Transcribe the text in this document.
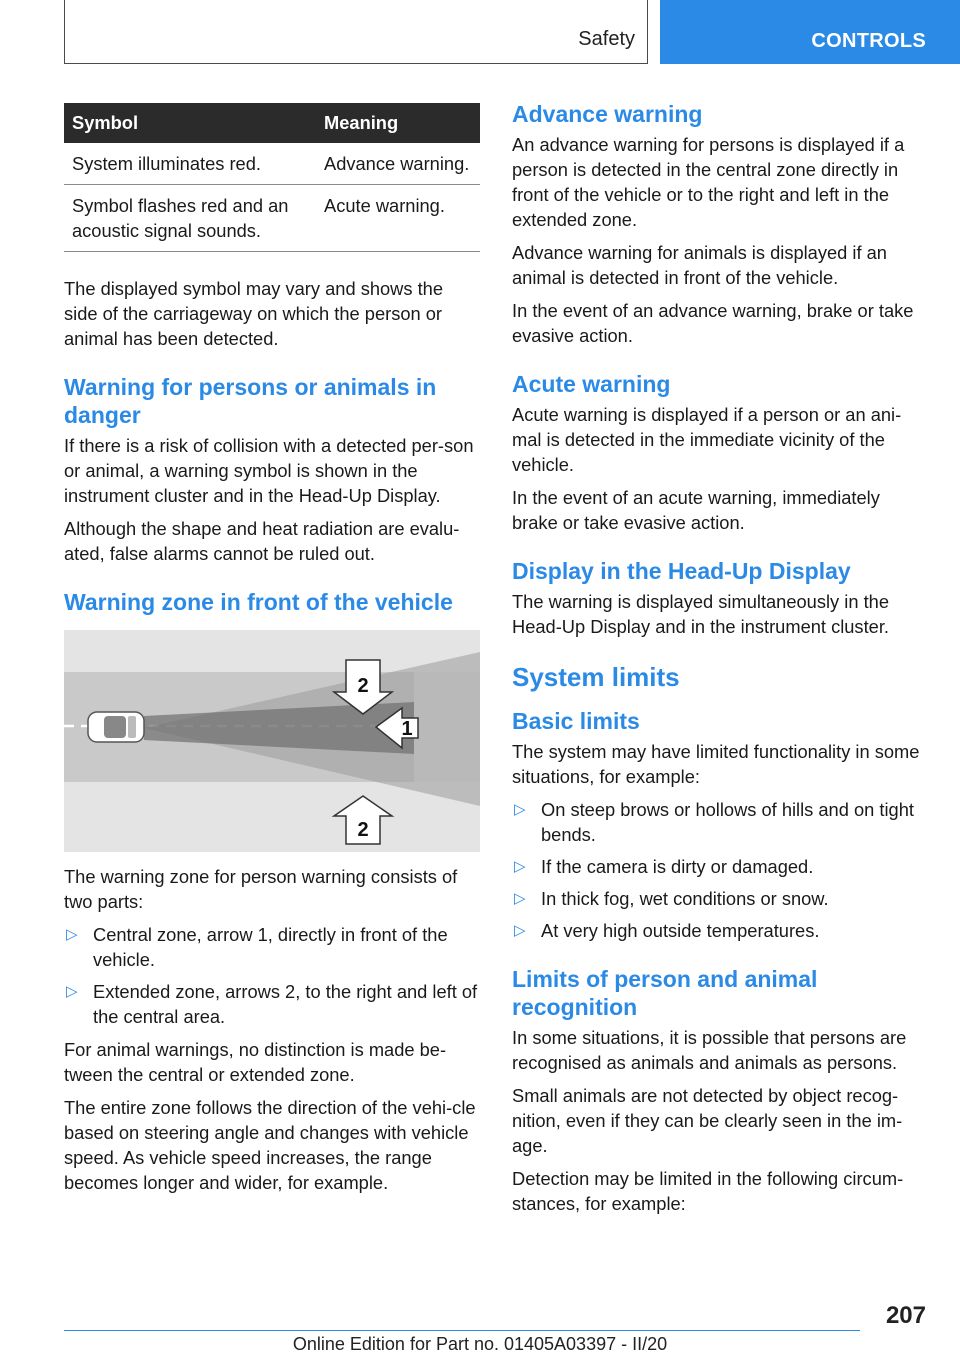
Safety	CONTROLS
Symbol	Meaning
System illuminates red.	Advance warning.
Symbol flashes red and an acoustic signal sounds.	Acute warning.

The displayed symbol may vary and shows the side of the carriageway on which the person or animal has been detected.

Warning for persons or animals in danger

If there is a risk of collision with a detected per‐son or animal, a warning symbol is shown in the instrument cluster and in the Head-Up Display.

Although the shape and heat radiation are evalu‐ated, false alarms cannot be ruled out.

Warning zone in front of the vehicle
2
1
2

The warning zone for person warning consists of two parts:

▷ Central zone, arrow 1, directly in front of the vehicle.
▷ Extended zone, arrows 2, to the right and left of the central area.

For animal warnings, no distinction is made be‐tween the central or extended zone.

The entire zone follows the direction of the vehi‐cle based on steering angle and changes with vehicle speed. As vehicle speed increases, the range becomes longer and wider, for example.

Advance warning

An advance warning for persons is displayed if a person is detected in the central zone directly in front of the vehicle or to the right and left in the extended zone.

Advance warning for animals is displayed if an animal is detected in front of the vehicle.

In the event of an advance warning, brake or take evasive action.

Acute warning

Acute warning is displayed if a person or an ani‐mal is detected in the immediate vicinity of the vehicle.

In the event of an acute warning, immediately brake or take evasive action.

Display in the Head-Up Display

The warning is displayed simultaneously in the Head-Up Display and in the instrument cluster.

System limits
Basic limits

The system may have limited functionality in some situations, for example:

▷ On steep brows or hollows of hills and on tight bends.
▷ If the camera is dirty or damaged.
▷ In thick fog, wet conditions or snow.
▷ At very high outside temperatures.
Limits of person and animal recognition

In some situations, it is possible that persons are recognised as animals and animals as persons.

Small animals are not detected by object recog‐nition, even if they can be clearly seen in the im‐age.

Detection may be limited in the following circum‐stances, for example:

207
Online Edition for Part no. 01405A03397 - II/20
